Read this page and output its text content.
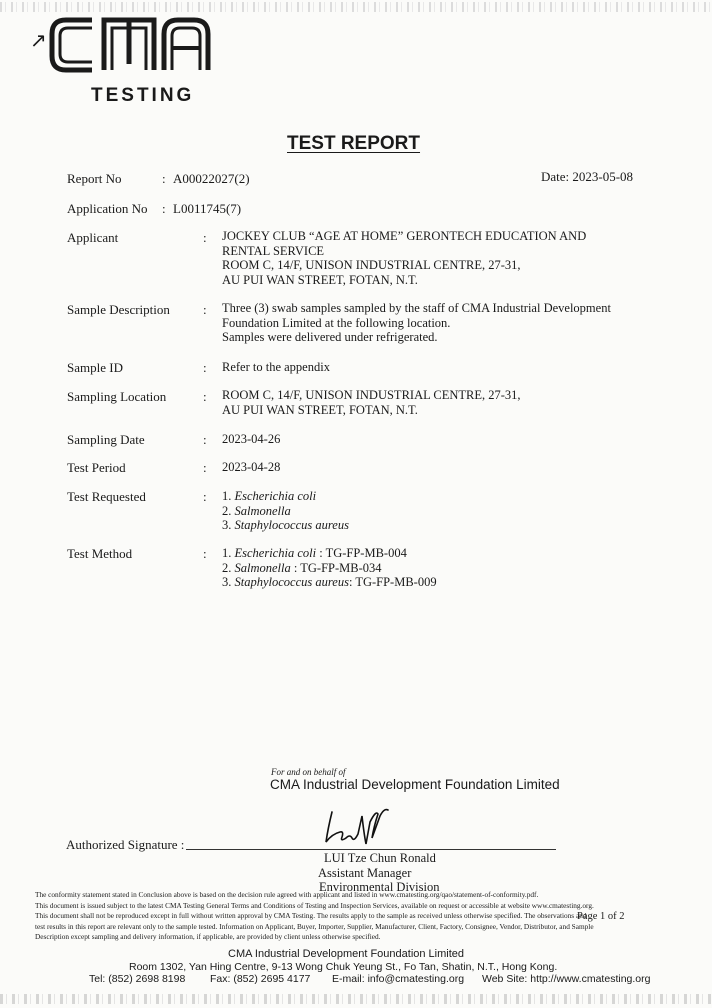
↗
TESTING
TEST REPORT
Report No	: A00022027(2)	Date: 2023-05-08
Application No : L0011745(7)
Applicant	: JOCKEY CLUB “AGE AT HOME” GERONTECH EDUCATION AND
RENTAL SERVICE
ROOM C, 14/F, UNISON INDUSTRIAL CENTRE, 27-31,
AU PUI WAN STREET, FOTAN, N.T.
Sample Description	: Three (3) swab samples sampled by the staff of CMA Industrial Development
Foundation Limited at the following location.
Samples were delivered under refrigerated.
Sample ID	: Refer to the appendix
Sampling Location	: ROOM C, 14/F, UNISON INDUSTRIAL CENTRE, 27-31,
AU PUI WAN STREET, FOTAN, N.T.
Sampling Date	: 2023-04-26
Test Period	: 2023-04-28
Test Requested	: 1. Escherichia coli
2. Salmonella
3. Staphylococcus aureus
Test Method	: 1. Escherichia coli : TG-FP-MB-004
2. Salmonella : TG-FP-MB-034
3. Staphylococcus aureus: TG-FP-MB-009
For and on behalf of
CMA Industrial Development Foundation Limited
Authorized Signature :
LUI Tze Chun Ronald
Assistant Manager
Environmental Division
The conformity statement stated in Conclusion above is based on the decision rule agreed with applicant and listed in www.cmatesting.org/qao/statement-of-conformity.pdf.
This document is issued subject to the latest CMA Testing General Terms and Conditions of Testing and Inspection Services, available on request or accessible at website www.cmatesting.org.
This document shall not be reproduced except in full without written approval by CMA Testing. The results apply to the sample as received unless otherwise specified. The observations and
test results in this report are relevant only to the sample tested. Information on Applicant, Buyer, Importer, Supplier, Manufacturer, Client, Factory, Consignee, Vendor, Distributor, and Sample
Description except sampling and delivery information, if applicable, are provided by client unless otherwise specified.
Page 1 of 2
CMA Industrial Development Foundation Limited
Room 1302, Yan Hing Centre, 9-13 Wong Chuk Yeung St., Fo Tan, Shatin, N.T., Hong Kong.
Tel: (852) 2698 8198 Fax: (852) 2695 4177 E-mail: info@cmatesting.org Web Site: http://www.cmatesting.org
